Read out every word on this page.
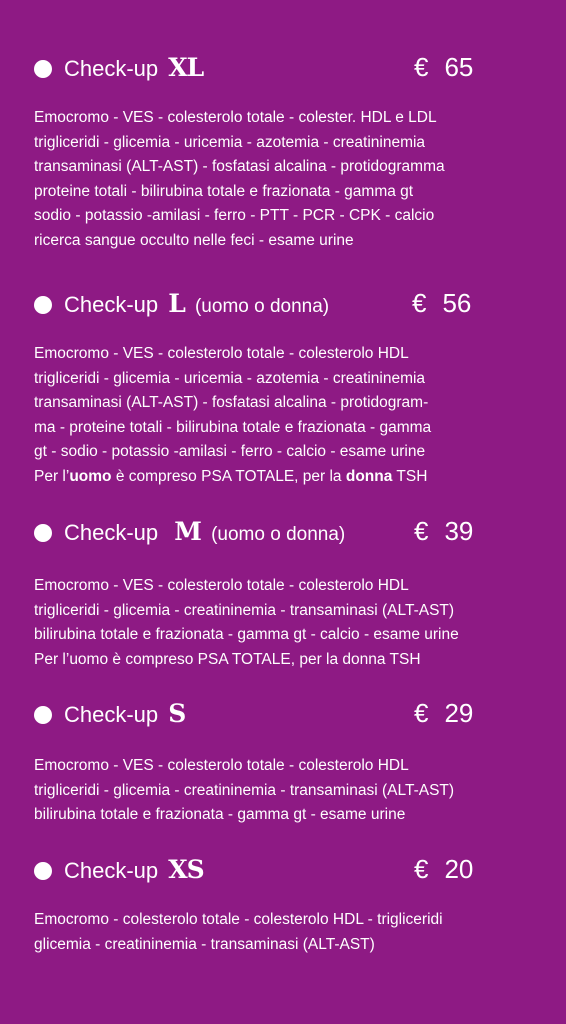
Check-up XL	€ 65
Emocromo - VES - colesterolo totale - colester. HDL e LDL
trigliceridi - glicemia - uricemia - azotemia - creatininemia
transaminasi (ALT-AST) - fosfatasi alcalina - protidogramma
proteine totali - bilirubina totale e frazionata - gamma gt
sodio - potassio -amilasi - ferro - PTT - PCR - CPK - calcio
ricerca sangue occulto nelle feci - esame urine
Check-up L (uomo o donna)	€ 56
Emocromo - VES - colesterolo totale - colesterolo HDL
trigliceridi - glicemia - uricemia - azotemia - creatininemia
transaminasi (ALT-AST) - fosfatasi alcalina - protidogram-
ma - proteine totali - bilirubina totale e frazionata - gamma
gt - sodio - potassio -amilasi - ferro - calcio - esame urine
Per l’uomo è compreso PSA TOTALE, per la donna TSH
Check-up M (uomo o donna)	€ 39
Emocromo - VES - colesterolo totale - colesterolo HDL
trigliceridi - glicemia - creatininemia - transaminasi (ALT-AST)
bilirubina totale e frazionata - gamma gt - calcio - esame urine
Per l’uomo è compreso PSA TOTALE, per la donna TSH
Check-up S	€ 29
Emocromo - VES - colesterolo totale - colesterolo HDL
trigliceridi - glicemia - creatininemia - transaminasi (ALT-AST)
bilirubina totale e frazionata - gamma gt - esame urine
Check-up XS	€ 20
Emocromo - colesterolo totale - colesterolo HDL - trigliceridi
glicemia - creatininemia - transaminasi (ALT-AST)
